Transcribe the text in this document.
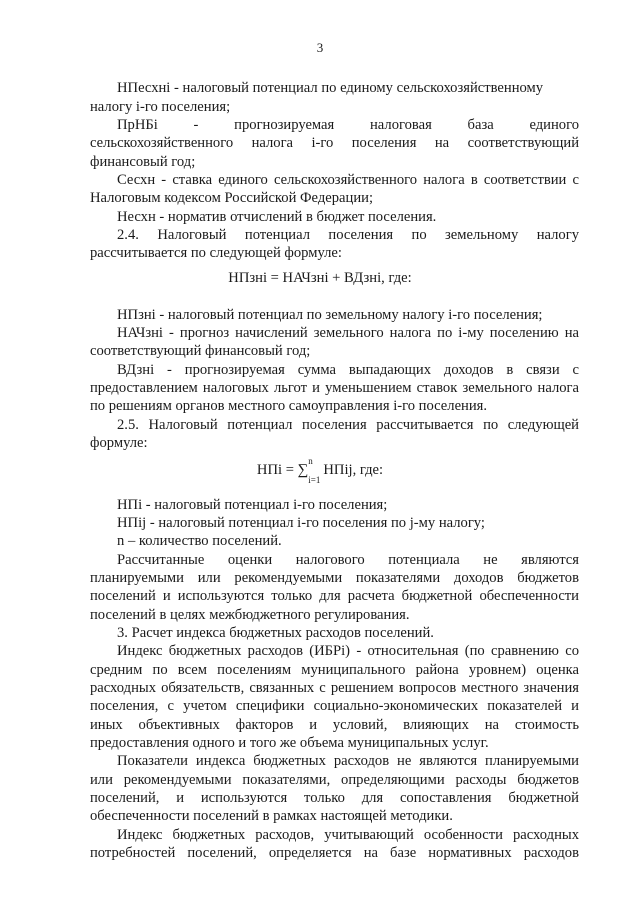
3
НПесхні - налоговый потенциал по единому сельскохозяйственному
налогу і-го поселения;
ПрНБі - прогнозируемая налоговая база единого
сельскохозяйственного налога і-го поселения на соответствующий
финансовый год;
Сесхн - ставка единого сельскохозяйственного налога в соответствии с
Налоговым кодексом Российской Федерации;
Несхн - норматив отчислений в бюджет поселения.
2.4. Налоговый потенциал поселения по земельному налогу
рассчитывается по следующей формуле:
НПзні = НАЧзні + ВДзні, где:
НПзні - налоговый потенциал по земельному налогу і-го поселения;
НАЧзні - прогноз начислений земельного налога по і-му поселению на
соответствующий финансовый год;
ВДзні - прогнозируемая сумма выпадающих доходов в связи с
предоставлением налоговых льгот и уменьшением ставок земельного налога
по решениям органов местного самоуправления і-го поселения.
2.5. Налоговый потенциал поселения рассчитывается по следующей
формуле:
НПі = ∑$^n$
$_{i=1}$НПіј, где:
НПі - налоговый потенциал і-го поселения;
НПіј - налоговый потенциал і-го поселения по ј-му налогу;
n – количество поселений.
Рассчитанные оценки налогового потенциала не являются
планируемыми или рекомендуемыми показателями доходов бюджетов
поселений и используются только для расчета бюджетной обеспеченности
поселений в целях межбюджетного регулирования.
3. Расчет индекса бюджетных расходов поселений.
Индекс бюджетных расходов (ИБРі) - относительная (по сравнению со
средним по всем поселениям муниципального района уровнем) оценка
расходных обязательств, связанных с решением вопросов местного значения
поселения, с учетом специфики социально-экономических показателей и
иных объективных факторов и условий, влияющих на стоимость
предоставления одного и того же объема муниципальных услуг.
Показатели индекса бюджетных расходов не являются планируемыми
или рекомендуемыми показателями, определяющими расходы бюджетов
поселений, и используются только для сопоставления бюджетной
обеспеченности поселений в рамках настоящей методики.
Индекс бюджетных расходов, учитывающий особенности расходных
потребностей поселений, определяется на базе нормативных расходов
